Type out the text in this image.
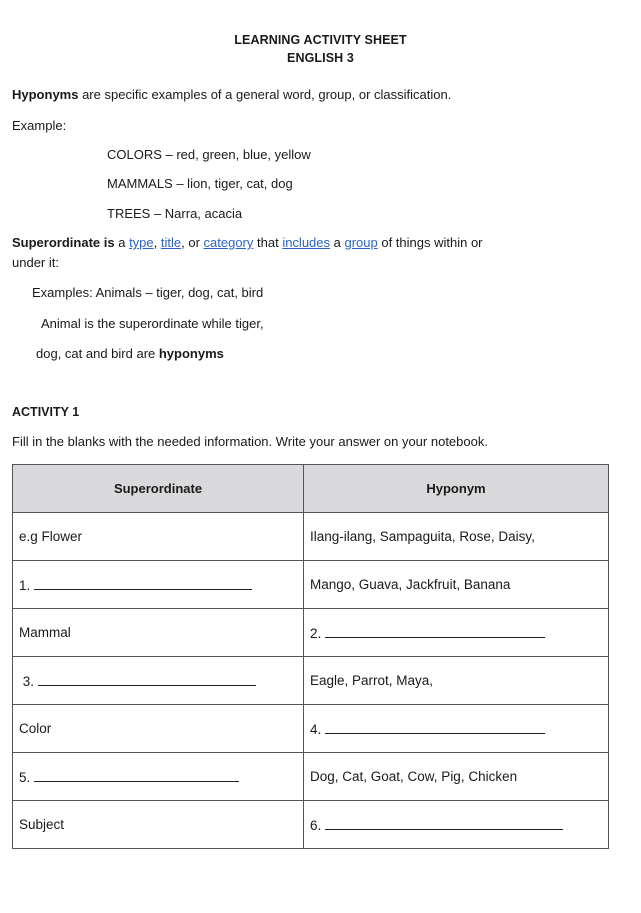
LEARNING ACTIVITY SHEET
ENGLISH 3
Hyponyms are specific examples of a general word, group, or classification.
Example:
COLORS – red, green, blue, yellow
MAMMALS – lion, tiger, cat, dog
TREES – Narra, acacia
Superordinate is a type, title, or category that includes a group of things within or
under it:
Examples: Animals – tiger, dog, cat, bird
Animal is the superordinate while tiger,
dog, cat and bird are hyponyms
ACTIVITY 1
Fill in the blanks with the needed information. Write your answer on your notebook.
Superordinate	Hyponym
e.g Flower	Ilang-ilang, Sampaguita, Rose, Daisy,
1.	Mango, Guava, Jackfruit, Banana
Mammal	2.
3.	Eagle, Parrot, Maya,
Color	4.
5.	Dog, Cat, Goat, Cow, Pig, Chicken
Subject	6.
